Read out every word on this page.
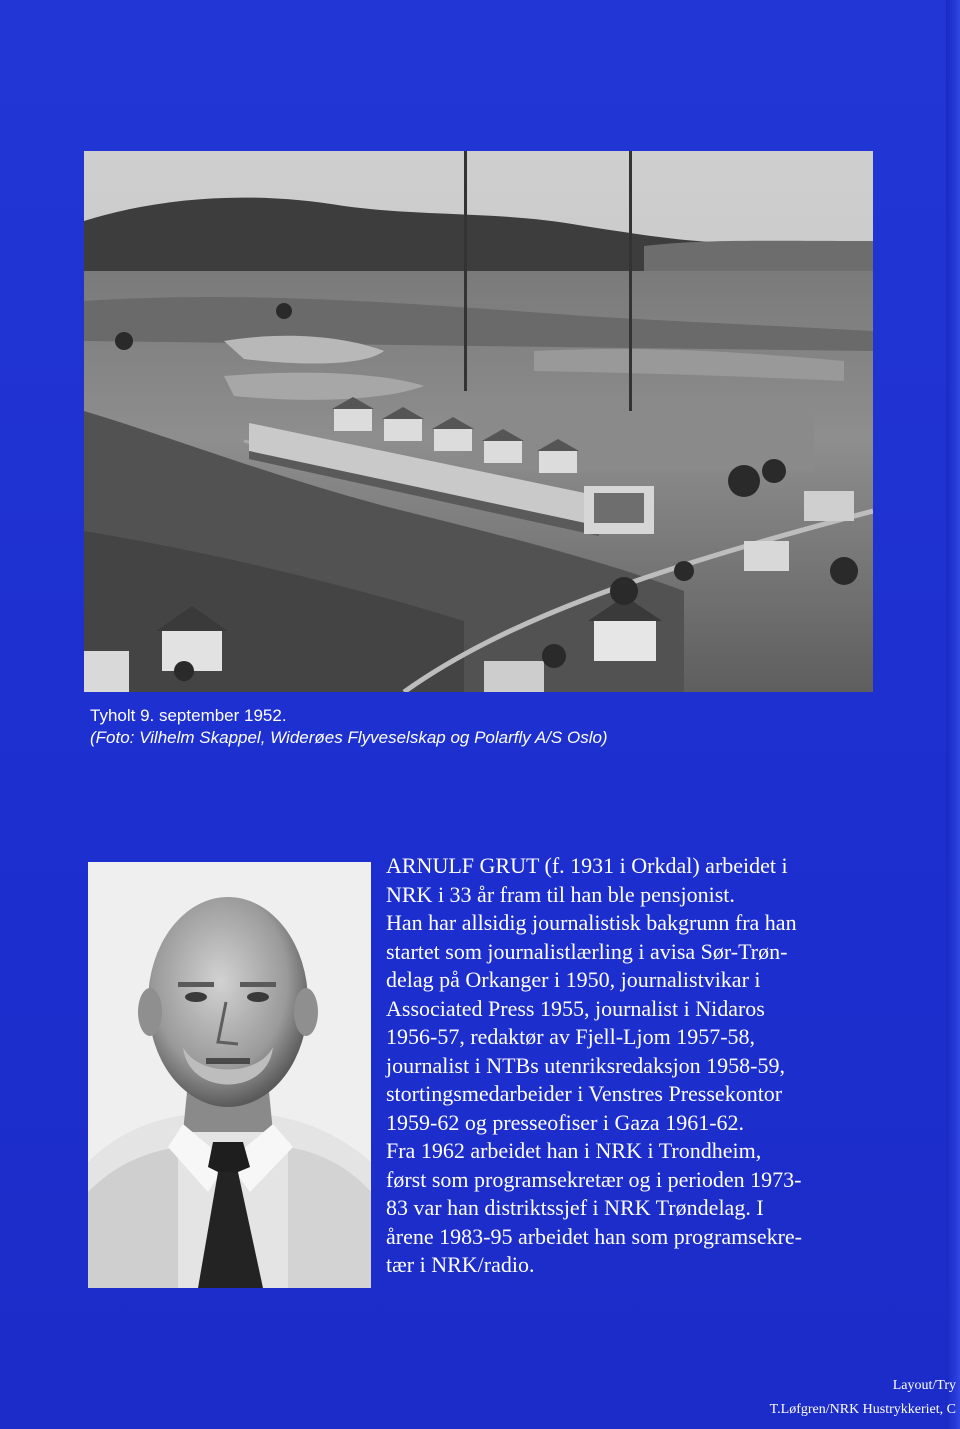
Tyholt 9. september 1952.
(Foto: Vilhelm Skappel, Widerøes Flyveselskap og Polarfly A/S Oslo)
ARNULF GRUT (f. 1931 i Orkdal) arbeidet i
NRK i 33 år fram til han ble pensjonist.
Han har allsidig journalistisk bakgrunn fra han
startet som journalistlærling i avisa Sør-Trøn-
delag på Orkanger i 1950, journalistvikar i
Associated Press 1955, journalist i Nidaros
1956-57, redaktør av Fjell-Ljom 1957-58,
journalist i NTBs utenriksredaksjon 1958-59,
stortingsmedarbeider i Venstres Pressekontor
1959-62 og presseofiser i Gaza 1961-62.
Fra 1962 arbeidet han i NRK i Trondheim,
først som programsekretær og i perioden 1973-
83 var han distriktssjef i NRK Trøndelag. I
årene 1983-95 arbeidet han som programsekre-
tær i NRK/radio.
Layout/Try
T.Løfgren/NRK Hustrykkeriet, C
